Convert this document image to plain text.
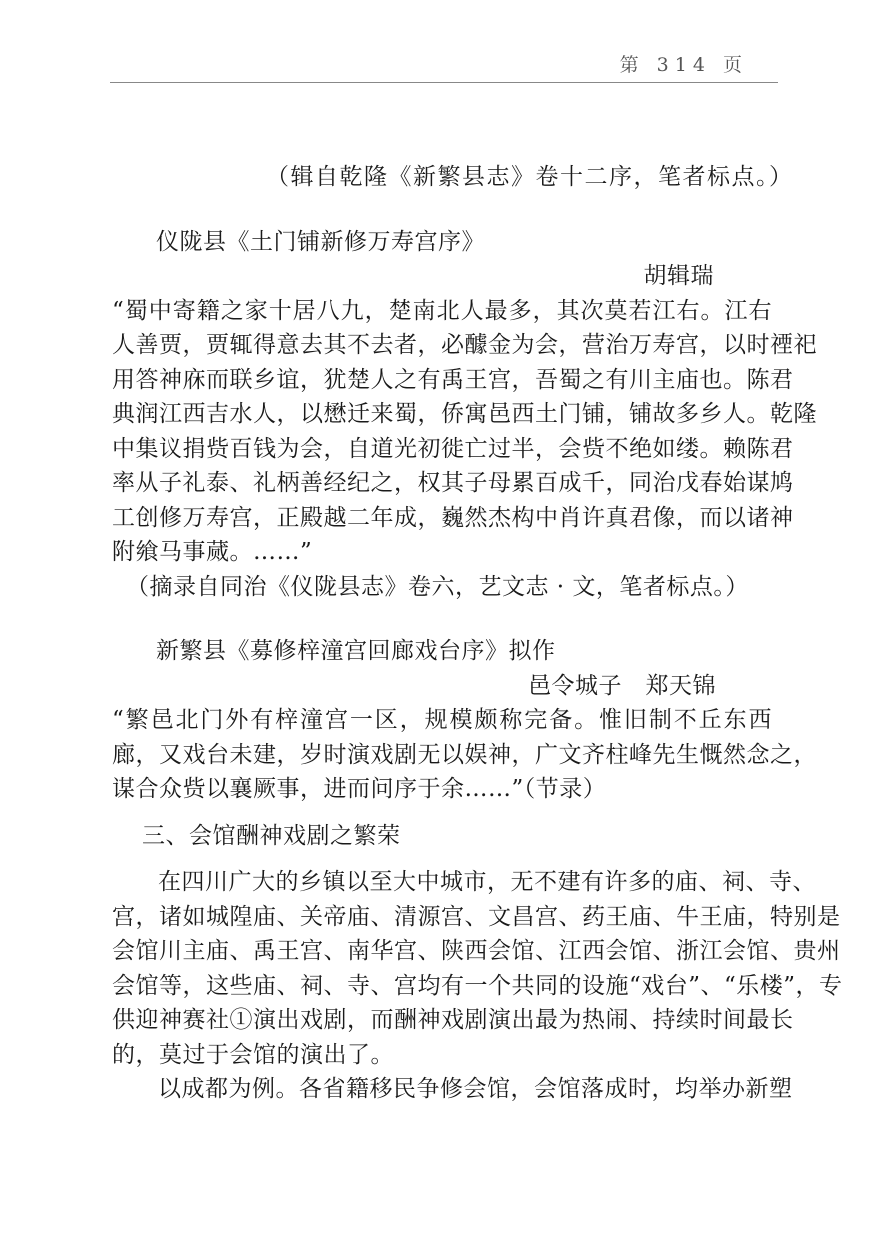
第 314 页
（辑自乾隆《新繁县志》卷十二序，笔者标点。）
仪陇县《土门铺新修万寿宫序》
胡辑瑞
“蜀中寄籍之家十居八九，楚南北人最多，其次莫若江右。江右
人善贾，贾辄得意去其不去者，必醵金为会，营治万寿宫，以时禋祀
用答神庥而联乡谊，犹楚人之有禹王宫，吾蜀之有川主庙也。陈君
典润江西吉水人，以懋迁来蜀，侨寓邑西土门铺，铺故多乡人。乾隆
中集议捐赀百钱为会，自道光初徙亡过半，会赀不绝如缕。赖陈君
率从子礼泰、礼柄善经纪之，权其子母累百成千，同治戊春始谋鸠
工创修万寿宫，正殿越二年成，巍然杰构中肖许真君像，而以诸神
附飨马事蒇。……”
（摘录自同治《仪陇县志》卷六，艺文志 · 文，笔者标点。）
新繁县《募修梓潼宫回廊戏台序》拟作
邑令城子　郑天锦
“繁邑北门外有梓潼宫一区，规模颇称完备。惟旧制不丘东西
廊，又戏台未建，岁时演戏剧无以娱神，广文齐柱峰先生慨然念之，
谋合众赀以襄厥事，进而问序于余……”（节录）
三、会馆酬神戏剧之繁荣
在四川广大的乡镇以至大中城市，无不建有许多的庙、祠、寺、
宫，诸如城隍庙、关帝庙、清源宫、文昌宫、药王庙、牛王庙，特别是
会馆川主庙、禹王宫、南华宫、陕西会馆、江西会馆、浙江会馆、贵州
会馆等，这些庙、祠、寺、宫均有一个共同的设施“戏台”、“乐楼”，专
供迎神赛社①演出戏剧，而酬神戏剧演出最为热闹、持续时间最长
的，莫过于会馆的演出了。
以成都为例。各省籍移民争修会馆，会馆落成时，均举办新塑
